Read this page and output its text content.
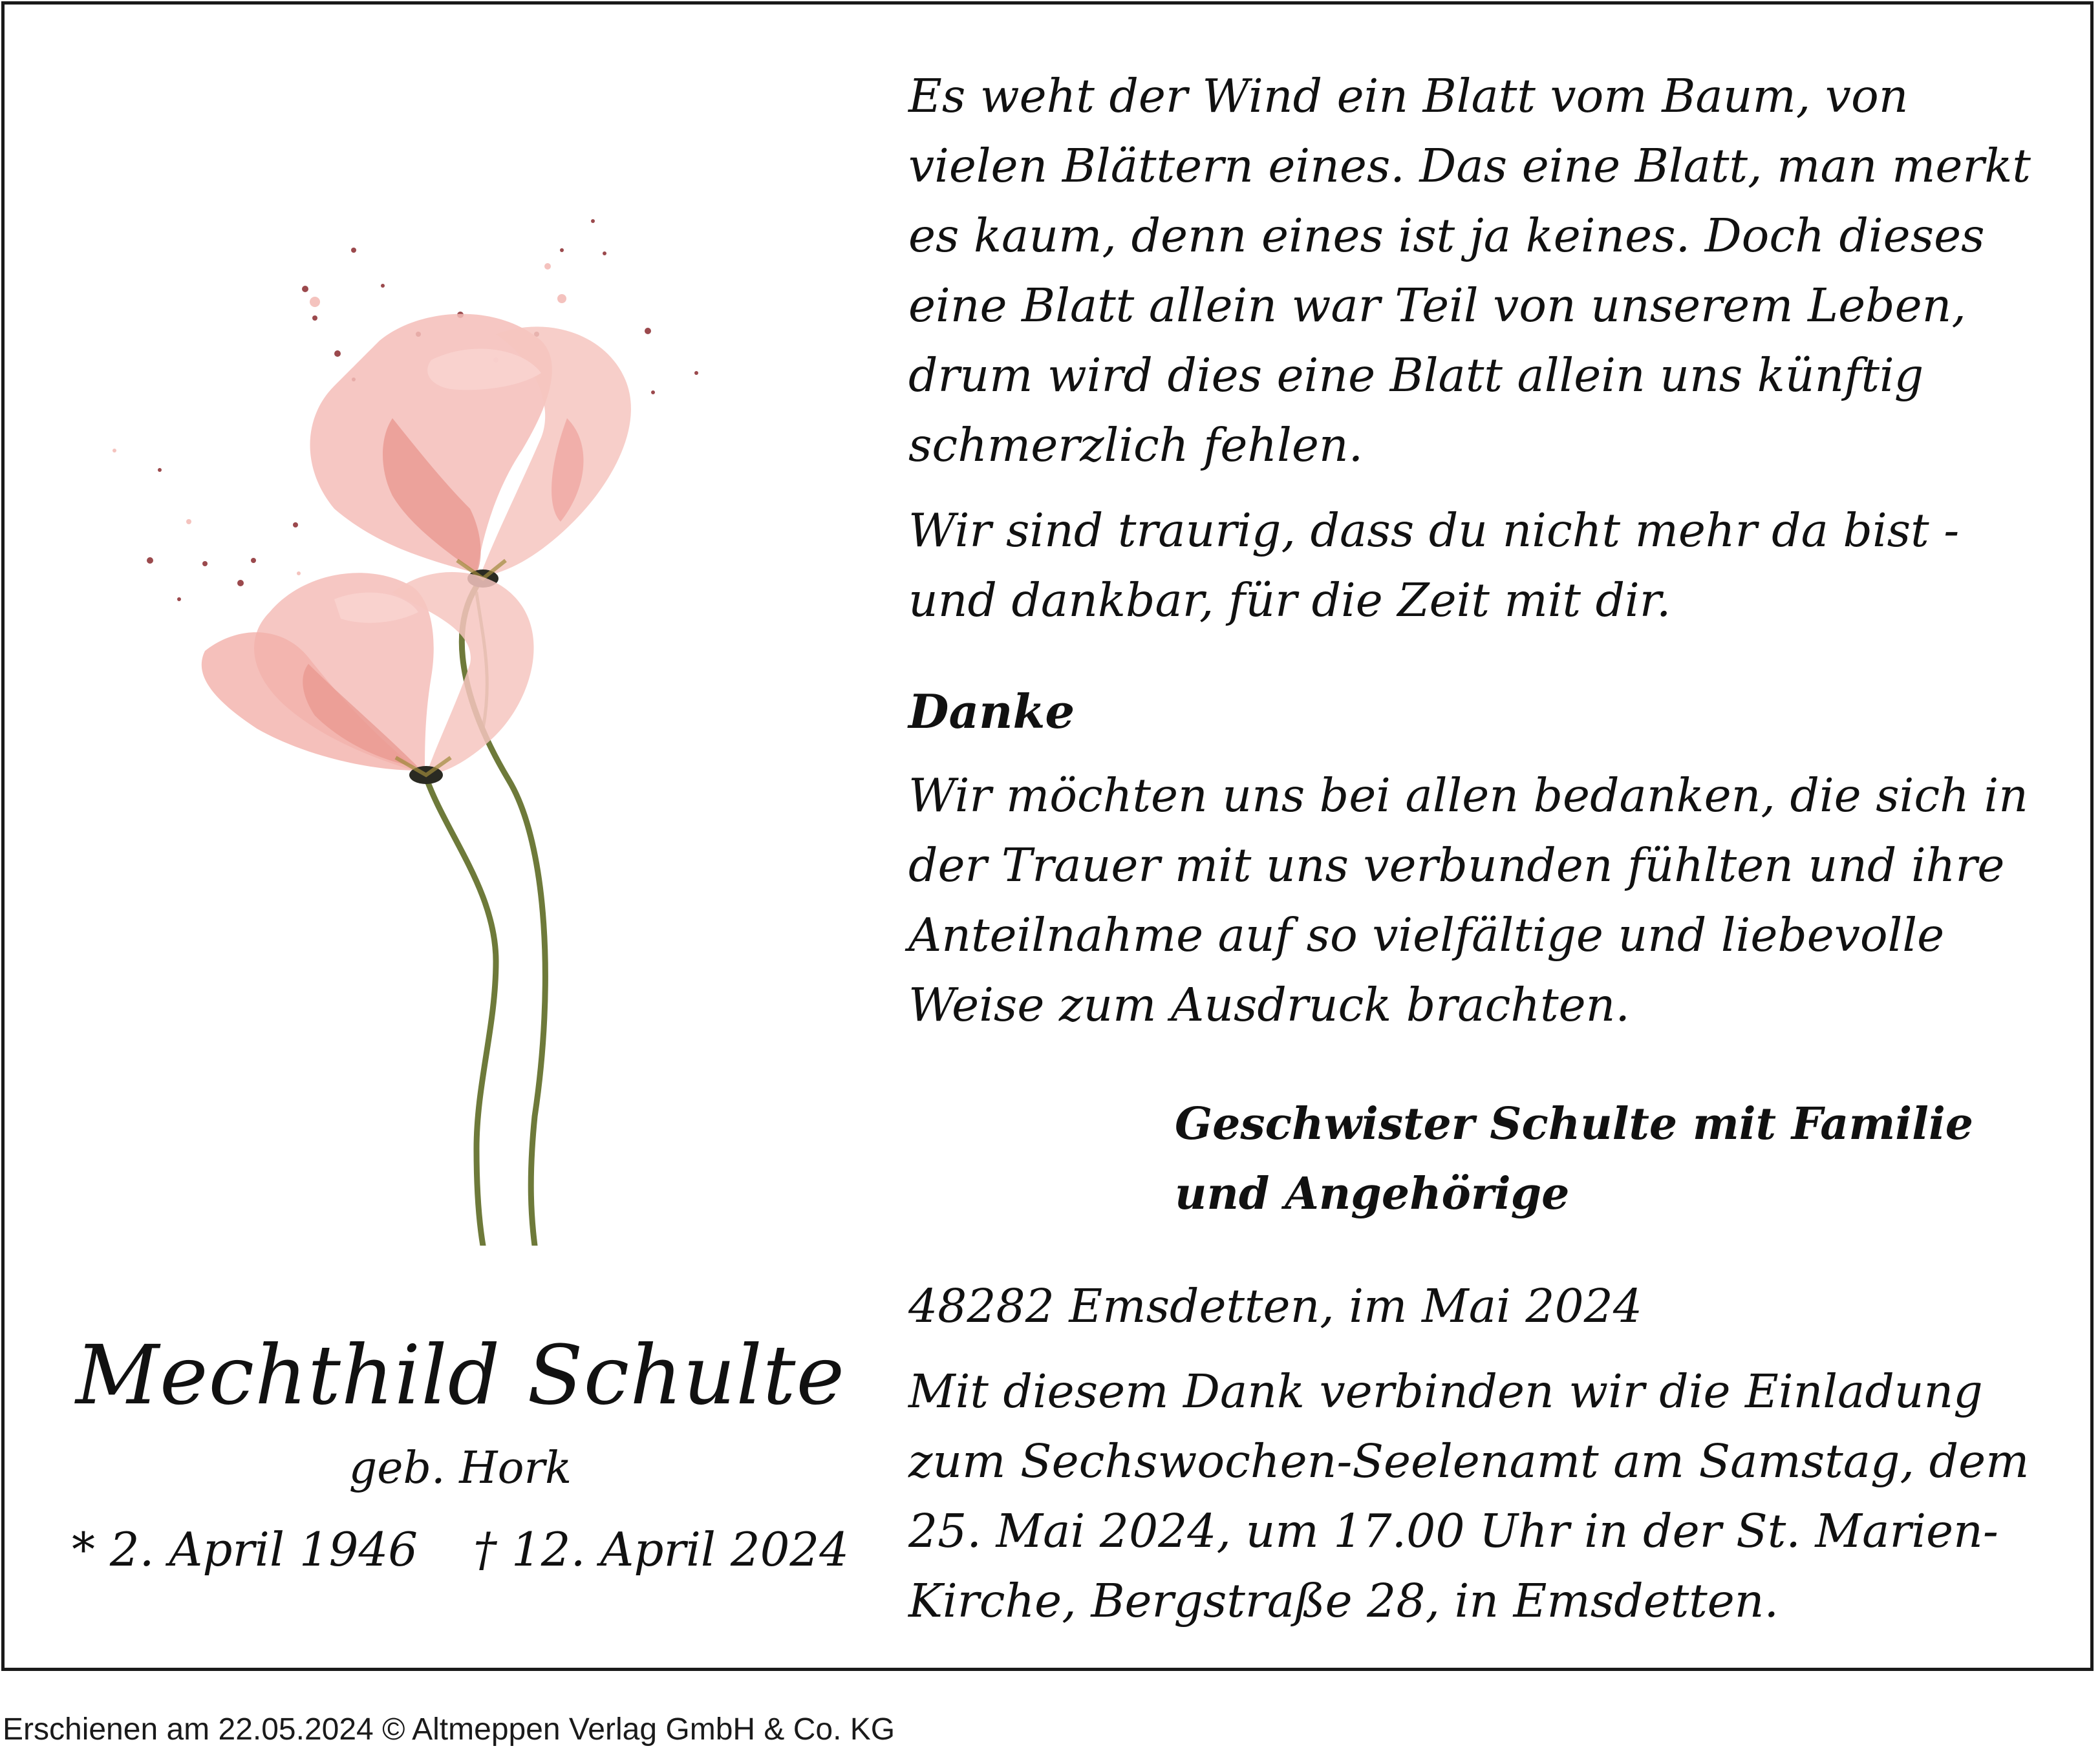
Mechthild Schulte
geb. Hork
* 2. April 1946 † 12. April 2024
Es weht der Wind ein Blatt vom Baum, von
vielen Blättern eines. Das eine Blatt, man merkt
es kaum, denn eines ist ja keines. Doch dieses
eine Blatt allein war Teil von unserem Leben,
drum wird dies eine Blatt allein uns künftig
schmerzlich fehlen.
Wir sind traurig, dass du nicht mehr da bist -
und dankbar, für die Zeit mit dir.
Danke
Wir möchten uns bei allen bedanken, die sich in
der Trauer mit uns verbunden fühlten und ihre
Anteilnahme auf so vielfältige und liebevolle
Weise zum Ausdruck brachten.
Geschwister Schulte mit Familie
und Angehörige
48282 Emsdetten, im Mai 2024
Mit diesem Dank verbinden wir die Einladung
zum Sechswochen-Seelenamt am Samstag, dem
25. Mai 2024, um 17.00 Uhr in der St. Marien-
Kirche, Bergstraße 28, in Emsdetten.
Erschienen am 22.05.2024 © Altmeppen Verlag GmbH & Co. KG
